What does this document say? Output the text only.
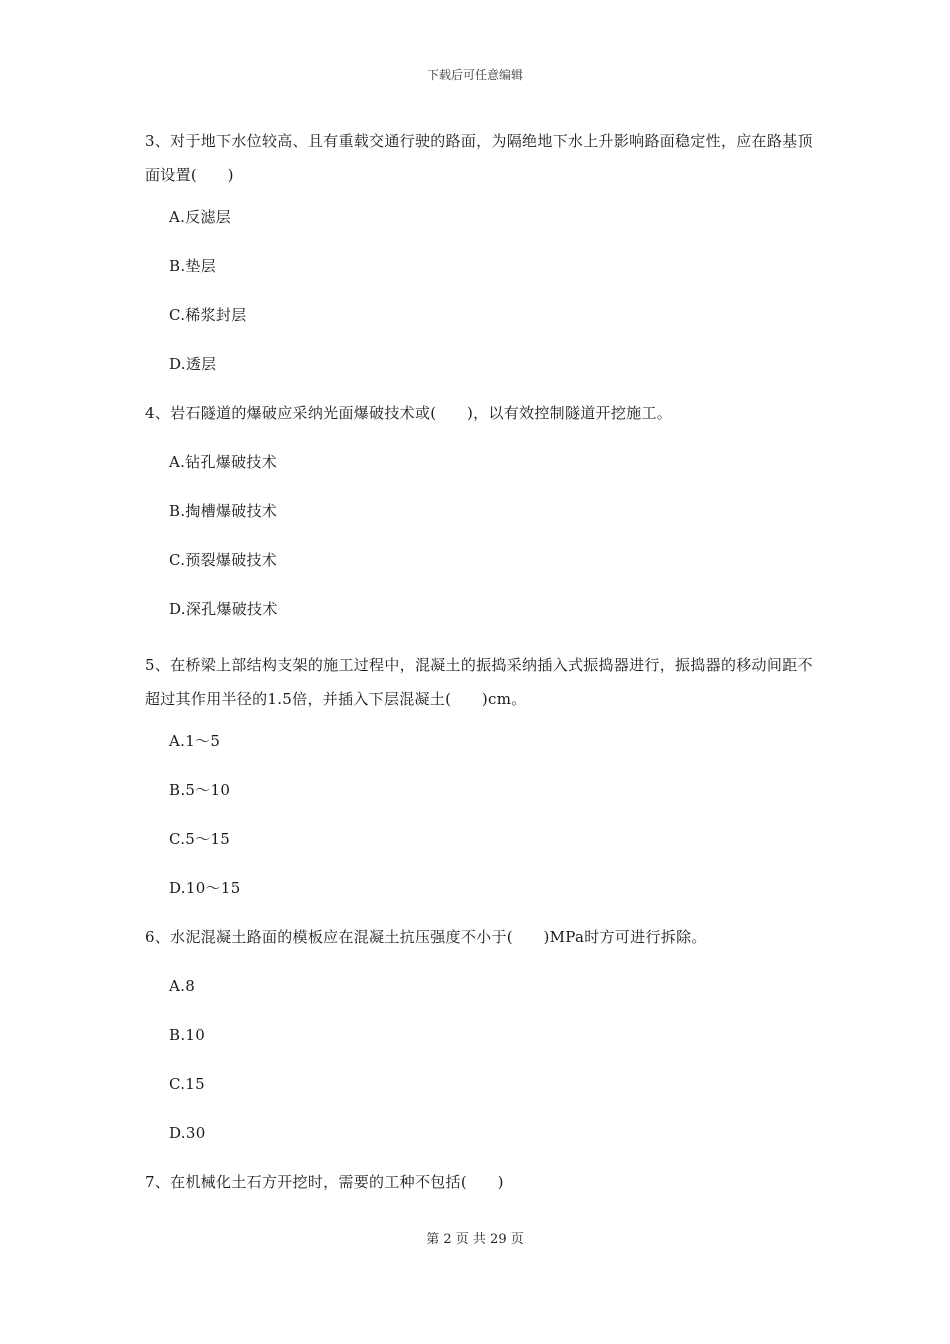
下载后可任意编辑
3、对于地下水位较高、且有重载交通行驶的路面，为隔绝地下水上升影响路面稳定性，应在路基顶面设置(　　)
A.反滤层
B.垫层
C.稀浆封层
D.透层
4、岩石隧道的爆破应采纳光面爆破技术或(　　)，以有效控制隧道开挖施工。
A.钻孔爆破技术
B.掏槽爆破技术
C.预裂爆破技术
D.深孔爆破技术
5、在桥梁上部结构支架的施工过程中，混凝土的振捣采纳插入式振捣器进行，振捣器的移动间距不超过其作用半径的1.5倍，并插入下层混凝土(　　)cm。
A.1～5
B.5～10
C.5～15
D.10～15
6、水泥混凝土路面的模板应在混凝土抗压强度不小于(　　)MPa时方可进行拆除。
A.8
B.10
C.15
D.30
7、在机械化土石方开挖时，需要的工种不包括(　　)
第 2 页 共 29 页
